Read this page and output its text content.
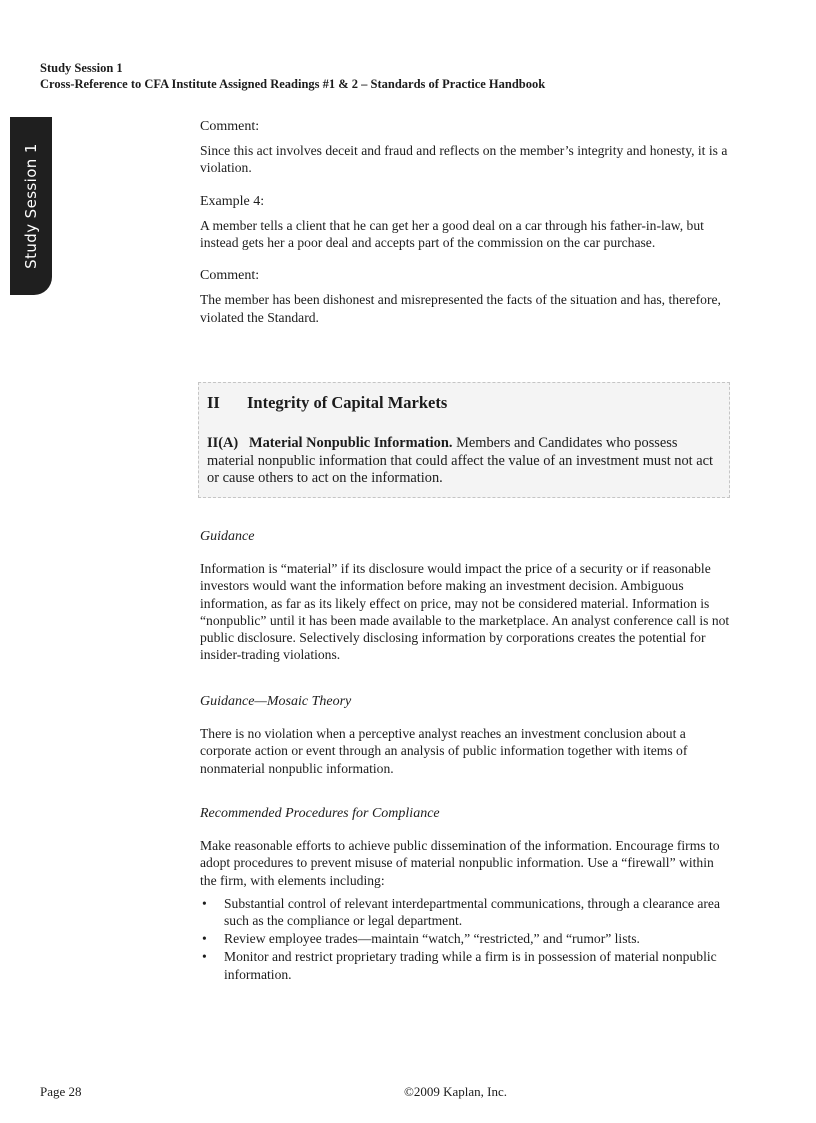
Study Session 1
Cross-Reference to CFA Institute Assigned Readings #1 & 2 – Standards of Practice Handbook
Study Session 1

Comment:

Since this act involves deceit and fraud and reflects on the member’s integrity and honesty, it is a violation.

Example 4:

A member tells a client that he can get her a good deal on a car through his father-in-law, but instead gets her a poor deal and accepts part of the commission on the car purchase.

Comment:

The member has been dishonest and misrepresented the facts of the situation and has, therefore, violated the Standard.

II Integrity of Capital Markets
II(A) Material Nonpublic Information. Members and Candidates who possess material nonpublic information that could affect the value of an investment must not act or cause others to act on the information.

Guidance

Information is “material” if its disclosure would impact the price of a security or if reasonable investors would want the information before making an investment decision. Ambiguous information, as far as its likely effect on price, may not be considered material. Information is “nonpublic” until it has been made available to the marketplace. An analyst conference call is not public disclosure. Selectively disclosing information by corporations creates the potential for insider-trading violations.

Guidance—Mosaic Theory

There is no violation when a perceptive analyst reaches an investment conclusion about a corporate action or event through an analysis of public information together with items of nonmaterial nonpublic information.

Recommended Procedures for Compliance

Make reasonable efforts to achieve public dissemination of the information. Encourage firms to adopt procedures to prevent misuse of material nonpublic information. Use a “firewall” within the firm, with elements including:

• Substantial control of relevant interdepartmental communications, through a clearance area such as the compliance or legal department.
• Review employee trades—maintain “watch,” “restricted,” and “rumor” lists.
• Monitor and restrict proprietary trading while a firm is in possession of material nonpublic information.
Page 28	©2009 Kaplan, Inc.
